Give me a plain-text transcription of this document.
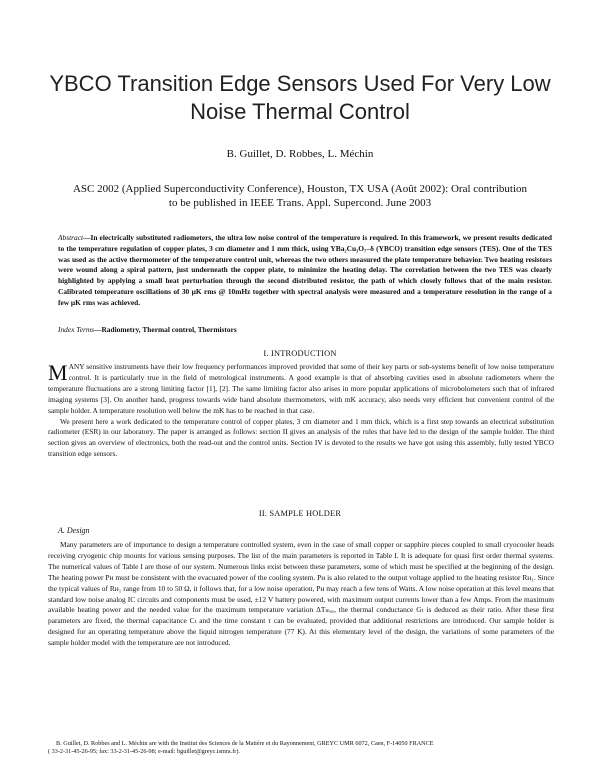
YBCO Transition Edge Sensors Used For Very Low Noise Thermal Control
B. Guillet, D. Robbes, L. Méchin
ASC 2002 (Applied Superconductivity Conference), Houston, TX USA (Août 2002): Oral contribution
to be published in IEEE Trans. Appl. Supercond. June 2003
Abstract—In electrically substituted radiometers, the ultra low noise control of the temperature is required. In this framework, we present results dedicated to the temperature regulation of copper plates, 3 cm diameter and 1 mm thick, using YBa₂Cu₃O₇₋δ (YBCO) transition edge sensors (TES). One of the TES was used as the active thermometer of the temperature control unit, whereas the two others measured the plate temperature behavior. Two heating resistors were wound along a spiral pattern, just underneath the copper plate, to minimize the heating delay. The correlation between the two TES was clearly highlighted by applying a small heat perturbation through the second distributed resistor, the path of which closely follows that of the main resistor. Calibrated temperature oscillations of 30 µK rms @ 10mHz together with spectral analysis were measured and a temperature resolution in the range of a few µK rms was achieved.
Index Terms—Radiometry, Thermal control, Thermistors
I. INTRODUCTION

MANY sensitive instruments have their low frequency performances improved provided that some of their key parts or sub-systems benefit of low noise temperature control. It is particularly true in the field of metrological instruments. A good example is that of absorbing cavities used in absolute radiometers where the temperature fluctuations are a strong limiting factor [1], [2]. The same limiting factor also arises in more popular applications of microbolometers such that of infrared imaging systems [3]. On another hand, progress towards wide band absolute thermometers, with mK accuracy, also needs very efficient but convenient control of the sample holder. A temperature resolution well below the mK has to be reached in that case.

We present here a work dedicated to the temperature control of copper plates, 3 cm diameter and 1 mm thick, which is a first step towards an electrical substitution radiometer (ESR) in our laboratory. The paper is arranged as follows: section II gives an analysis of the rules that have led to the design of the sample holder. The third section gives an overview of electronics, both the read-out and the control units. Section IV is devoted to the results we have got using this assembly, fully tested YBCO transition edge sensors.

II. SAMPLE HOLDER
A. Design

Many parameters are of importance to design a temperature controlled system, even in the case of small copper or sapphire pieces coupled to small cryocooler heads receiving cryogenic chip mounts for various sensing purposes. The list of the main parameters is reported in Table I. It is adequate for quasi first order thermal systems. The numerical values of Table I are those of our system. Numerous links exist between these parameters, some of which must be specified at the beginning of the design. The heating power Pʜ must be consistent with the evacuated power of the cooling system. Pʜ is also related to the output voltage applied to the heating resistor Rʜ₁. Since the typical values of Rʜ₁ range from 10 to 50 Ω, it follows that, for a low noise operation, Pʜ may reach a few tens of Watts. A low noise operation at this level means that standard low noise analog IC circuits and components must be used, ±12 V battery powered, with maximum output currents lower than a few Amps. From the maximum available heating power and the needed value for the maximum temperature variation ΔTₘₐₓ, the thermal conductance Gₜ is deduced as their ratio. After these first parameters are fixed, the thermal capacitance Cₜ and the time constant τ can be evaluated, provided that additional restrictions are introduced. Our sample holder is designed for an operating temperature above the liquid nitrogen temperature (77 K). At this elementary level of the design, the variations of some parameters of the sample holder model with the temperature are not introduced.

B. Guillet, D. Robbes and L. Méchin are with the Institut des Sciences de la Matière et du Rayonnement, GREYC UMR 6072, Caen, F-14050 FRANCE

( 33-2-31-45-26-95; fax: 33-2-31-45-26-98; e-mail: bguillet@greyc.ismra.fr).
